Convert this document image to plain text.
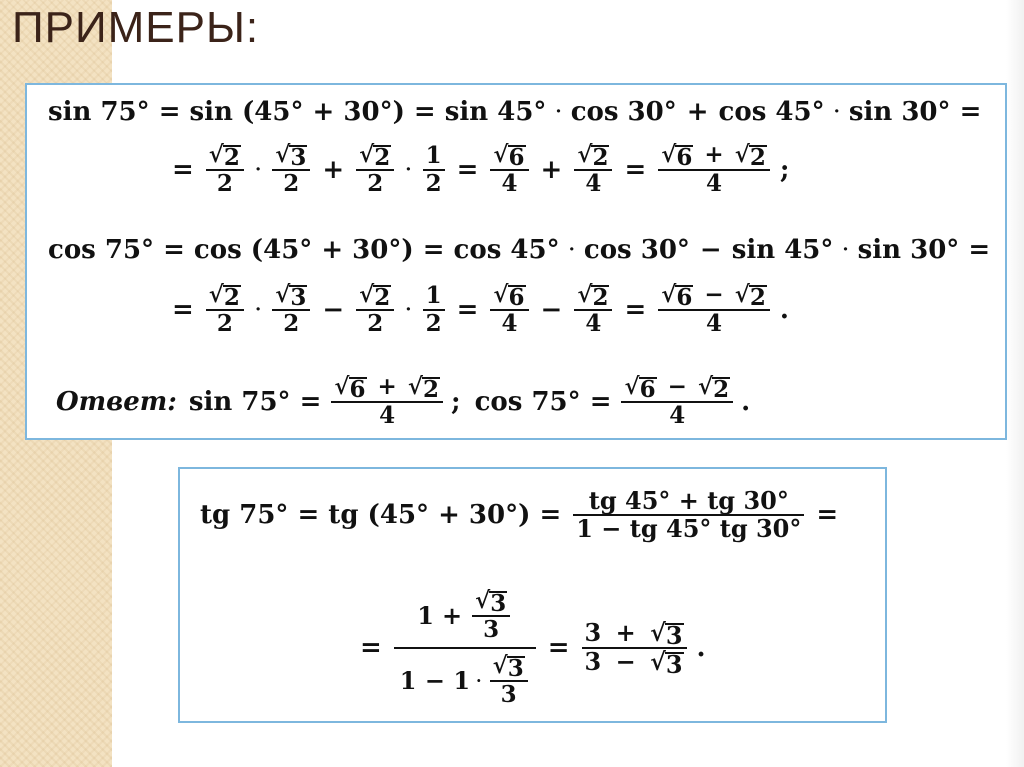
ПРИМЕРЫ:
sin 75° = sin (45° + 30°) = sin 45° · cos 30° + cos 45° · sin 30° =
= $\frac{√ 2}{2} \cdot \frac{√ 3}{2} + \frac{√ 2}{2} \cdot \frac{1}{2} = \frac{√ 6}{4} + \frac{√ 2}{4} = \frac{√ 6 + √ 2}{4}$ ;
cos 75° = cos (45° + 30°) = cos 45° · cos 30° − sin 45° · sin 30° =
= $\frac{√ 2}{2} \cdot \frac{√ 3}{2} - \frac{√ 2}{2} \cdot \frac{1}{2} = \frac{√ 6}{4} - \frac{√ 2}{4} = \frac{√ 6 - √ 2}{4}$ .
Ответ: $\sin 75^\circ = \frac{√ 6 + √ 2}{4}$ ; $\cos 75^\circ = \frac{√ 6 - √ 2}{4}$ .
tg 75° = tg $(45^\circ + 30^\circ) = \frac{tg 45^\circ + tg 30^\circ}{1 - tg 45^\circ tg 30^\circ}$ =
= $\frac{1 + \frac{√ 3}{3}}{1 - 1 \cdot \frac{√ 3}{3}} = \frac{3 + √ 3}{3 - √ 3}$ .
